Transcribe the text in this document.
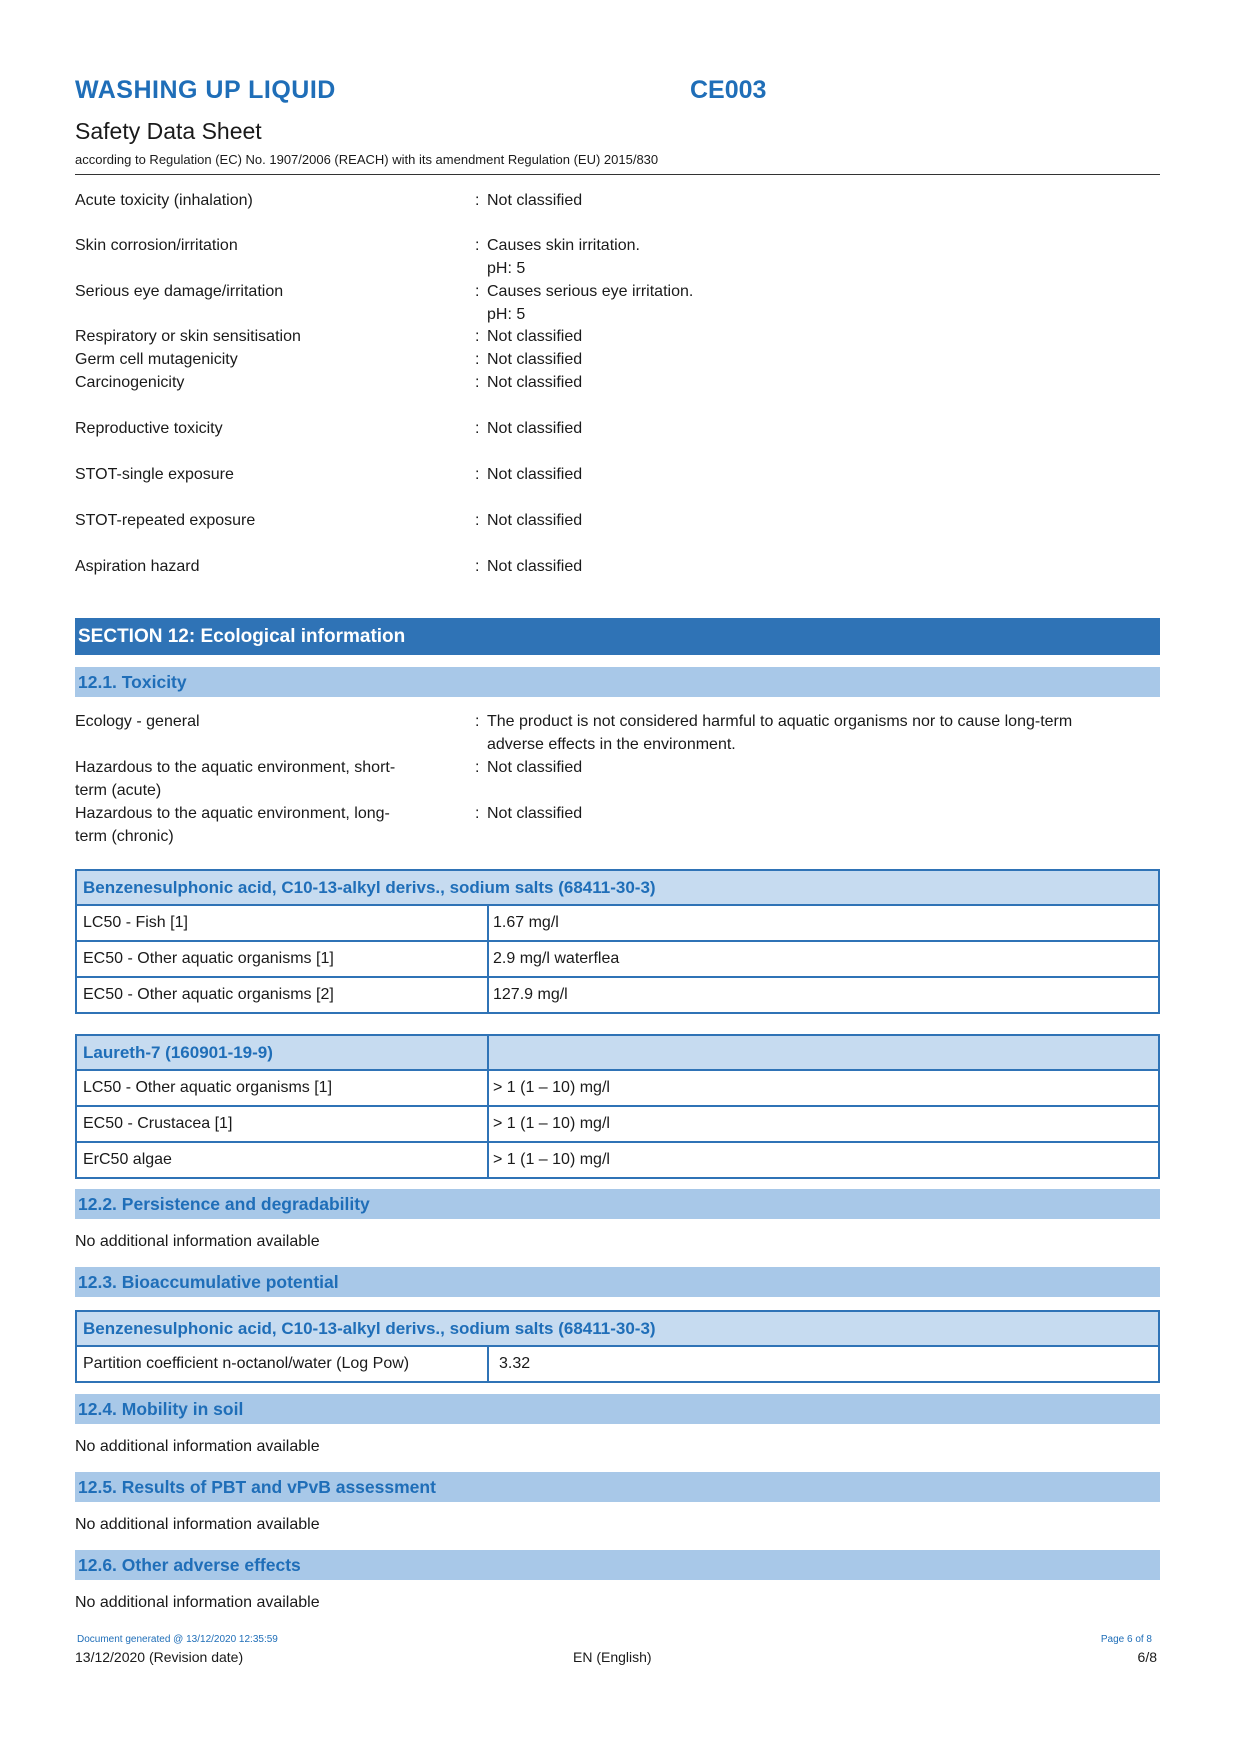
WASHING UP LIQUID	CE003
Safety Data Sheet
according to Regulation (EC) No. 1907/2006 (REACH) with its amendment Regulation (EU) 2015/830
Acute toxicity (inhalation)	: Not classified
Skin corrosion/irritation	: Causes skin irritation.
pH: 5
Serious eye damage/irritation	: Causes serious eye irritation.
pH: 5
Respiratory or skin sensitisation	: Not classified
Germ cell mutagenicity	: Not classified
Carcinogenicity	: Not classified
Reproductive toxicity	: Not classified
STOT-single exposure	: Not classified
STOT-repeated exposure	: Not classified
Aspiration hazard	: Not classified
SECTION 12: Ecological information
12.1. Toxicity
Ecology - general	: The product is not considered harmful to aquatic organisms nor to cause long-term adverse effects in the environment.
Hazardous to the aquatic environment, short-term (acute)
: Not classified
Hazardous to the aquatic environment, long-term (chronic)
: Not classified
Benzenesulphonic acid, C10-13-alkyl derivs., sodium salts (68411-30-3)
LC50 - Fish [1]	1.67 mg/l
EC50 - Other aquatic organisms [1]	2.9 mg/l waterflea
EC50 - Other aquatic organisms [2]	127.9 mg/l
Laureth-7 (160901-19-9)
LC50 - Other aquatic organisms [1]	> 1 (1 – 10) mg/l
EC50 - Crustacea [1]	> 1 (1 – 10) mg/l
ErC50 algae	> 1 (1 – 10) mg/l
12.2. Persistence and degradability
No additional information available
12.3. Bioaccumulative potential
Benzenesulphonic acid, C10-13-alkyl derivs., sodium salts (68411-30-3)
Partition coefficient n-octanol/water (Log Pow)	3.32
12.4. Mobility in soil
No additional information available
12.5. Results of PBT and vPvB assessment
No additional information available
12.6. Other adverse effects
No additional information available
Document generated @ 13/12/2020 12:35:59	Page 6 of 8
13/12/2020 (Revision date)	EN (English)	6/8
